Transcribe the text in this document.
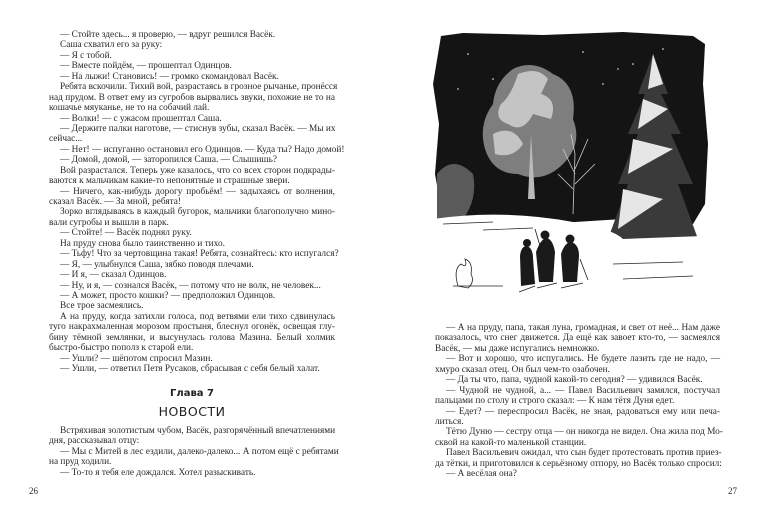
— Стойте здесь... я проверю, — вдруг решился Васёк.
Саша схватил его за руку:
— Я с тобой.
— Вместе пойдём, — прошептал Одинцов.
— На лыжи! Становись! — громко скомандовал Васёк.
Ребята вскочили. Тихий вой, разрастаясь в грозное рычанье, пронёсся
над прудом. В ответ ему из сугробов вырвались звуки, похожие не то на
кошачье мяуканье, не то на собачий лай.
— Волки! — с ужасом прошептал Саша.
— Держите палки наготове, — стиснув зубы, сказал Васёк. — Мы их
сейчас...
— Нет! — испуганно остановил его Одинцов. — Куда ты? Надо домой!
— Домой, домой, — заторопился Саша. — Слышишь?
Вой разрастался. Теперь уже казалось, что со всех сторон подкрады-
ваются к мальчикам какие-то непонятные и страшные звери.
— Ничего, как-нибудь дорогу пробьём! — задыхаясь от волнения,
сказал Васёк. — За мной, ребята!
Зорко вглядываясь в каждый бугорок, мальчики благополучно мино-
вали сугробы и вышли в парк.
— Стойте! — Васёк поднял руку.
На пруду снова было таинственно и тихо.
— Тьфу! Что за чертовщина такая! Ребята, сознайтесь: кто испугался?
— Я, — улыбнулся Саша, зябко поводя плечами.
— И я, — сказал Одинцов.
— Ну, и я, — сознался Васёк, — потому что не волк, не человек...
— А может, просто кошки? — предположил Одинцов.
Все трое засмеялись.
А на пруду, когда затихли голоса, под ветвями ели тихо сдвинулась
туго накрахмаленная морозом простыня, блеснул огонёк, освещая глу-
бину тёмной землянки, и высунулась голова Мазина. Белый холмик
быстро-быстро пополз к старой ели.
— Ушли? — шёпотом спросил Мазин.
— Ушли, — ответил Петя Русаков, сбрасывая с себя белый халат.
Глава 7
НОВОСТИ
Встряхивая золотистым чубом, Васёк, разгорячённый впечатлениями
дня, рассказывал отцу:
— Мы с Митей в лес ездили, далеко-далеко... А потом ещё с ребятами
на пруд ходили.
— То-то я тебя еле дождался. Хотел разыскивать.
26
— А на пруду, папа, такая луна, громадная, и свет от неё... Нам даже
показалось, что снег движется. Да ещё как завоет кто-то, — засмеялся
Васёк, — мы даже испугались немножко.
— Вот и хорошо, что испугались. Не будете лазить где не надо, —
хмуро сказал отец. Он был чем-то озабочен.
— Да ты что, папа, чудной какой-то сегодня? — удивился Васёк.
— Чудной не чудной, а... — Павел Васильевич замялся, постучал
пальцами по столу и строго сказал: — К нам тётя Дуня едет.
— Едет? — переспросил Васёк, не зная, радоваться ему или печа-
литься.
Тётю Дуню — сестру отца — он никогда не видел. Она жила под Мо-
сквой на какой-то маленькой станции.
Павел Васильевич ожидал, что сын будет протестовать против приез-
да тётки, и приготовился к серьёзному отпору, но Васёк только спросил:
— А весёлая она?
27
